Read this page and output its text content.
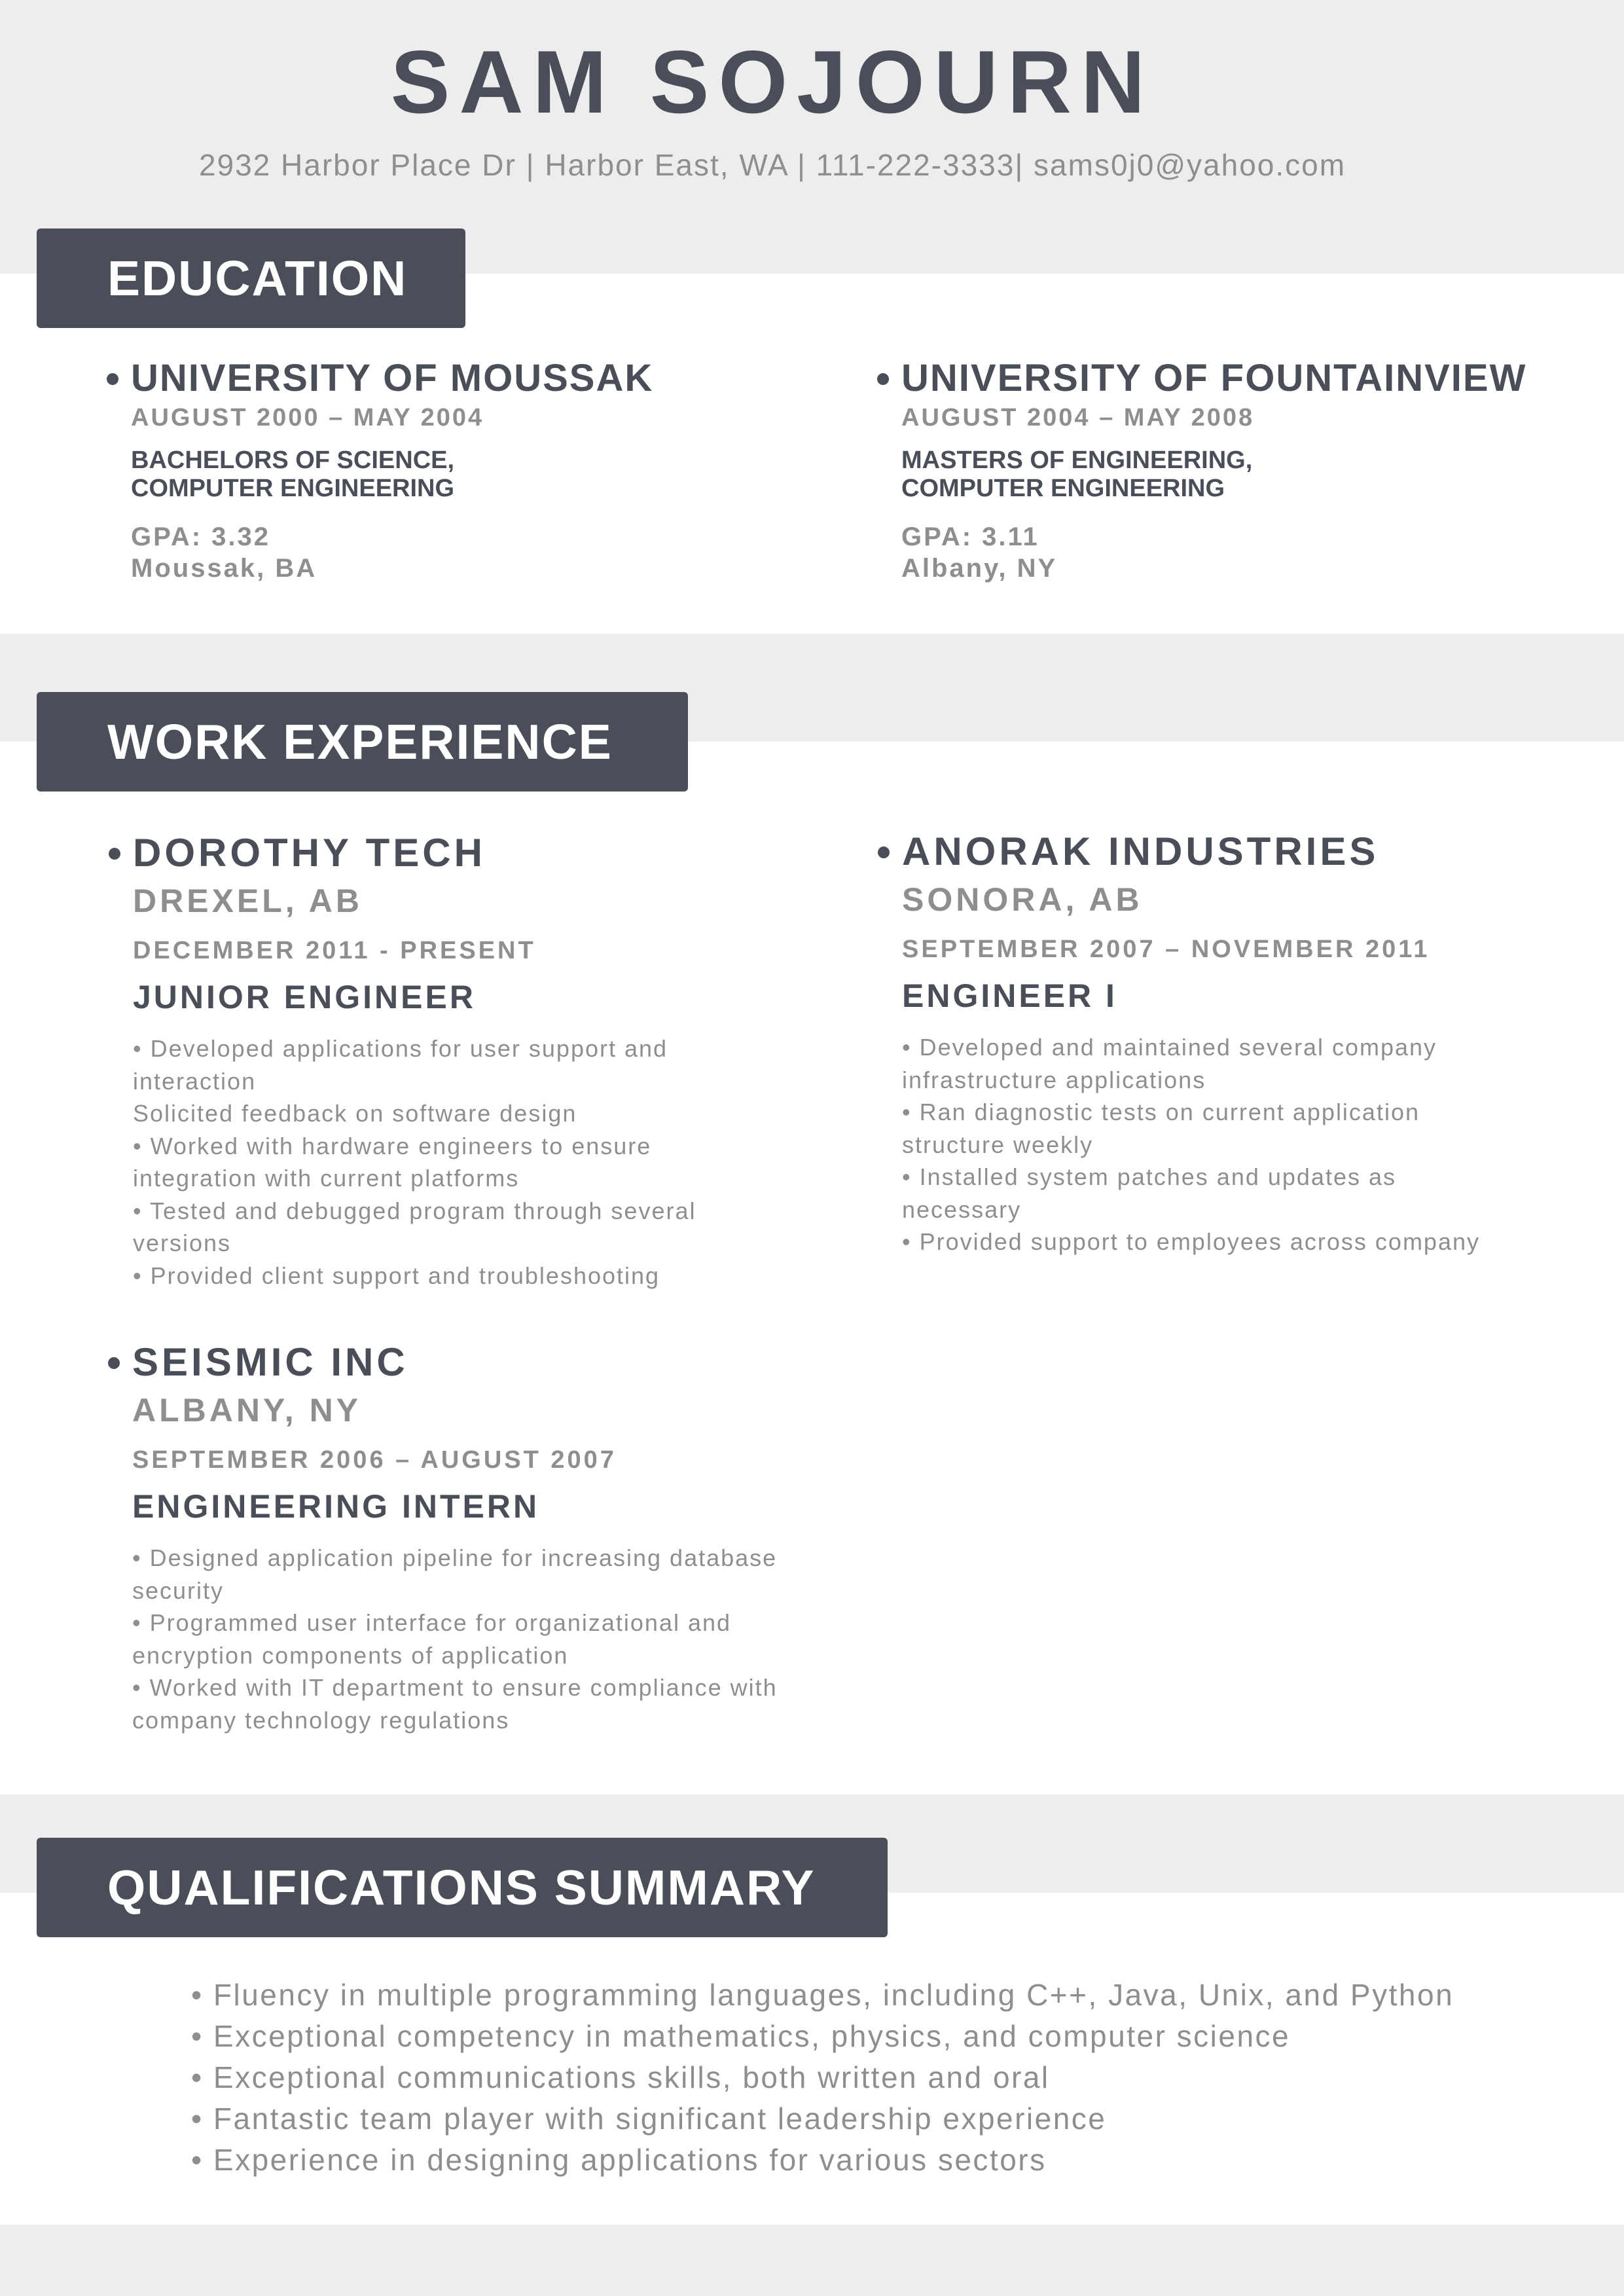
SAM SOJOURN
2932 Harbor Place Dr | Harbor East, WA | 111-222-3333| sams0j0@yahoo.com
EDUCATION
UNIVERSITY OF MOUSSAK
AUGUST 2000 – MAY 2004
BACHELORS OF SCIENCE,
COMPUTER ENGINEERING
GPA: 3.32
Moussak, BA
UNIVERSITY OF FOUNTAINVIEW
AUGUST 2004 – MAY 2008
MASTERS OF ENGINEERING,
COMPUTER ENGINEERING
GPA: 3.11
Albany, NY
WORK EXPERIENCE
DOROTHY TECH
DREXEL, AB
DECEMBER 2011 - PRESENT
JUNIOR ENGINEER
• Developed applications for user support and
interaction
Solicited feedback on software design
• Worked with hardware engineers to ensure
integration with current platforms
• Tested and debugged program through several
versions
• Provided client support and troubleshooting
ANORAK INDUSTRIES
SONORA, AB
SEPTEMBER 2007 – NOVEMBER 2011
ENGINEER I
• Developed and maintained several company
infrastructure applications
• Ran diagnostic tests on current application
structure weekly
• Installed system patches and updates as
necessary
• Provided support to employees across company
SEISMIC INC
ALBANY, NY
SEPTEMBER 2006 – AUGUST 2007
ENGINEERING INTERN
• Designed application pipeline for increasing database
security
• Programmed user interface for organizational and
encryption components of application
• Worked with IT department to ensure compliance with
company technology regulations
QUALIFICATIONS SUMMARY
• Fluency in multiple programming languages, including C++, Java, Unix, and Python
• Exceptional competency in mathematics, physics, and computer science
• Exceptional communications skills, both written and oral
• Fantastic team player with significant leadership experience
• Experience in designing applications for various sectors
